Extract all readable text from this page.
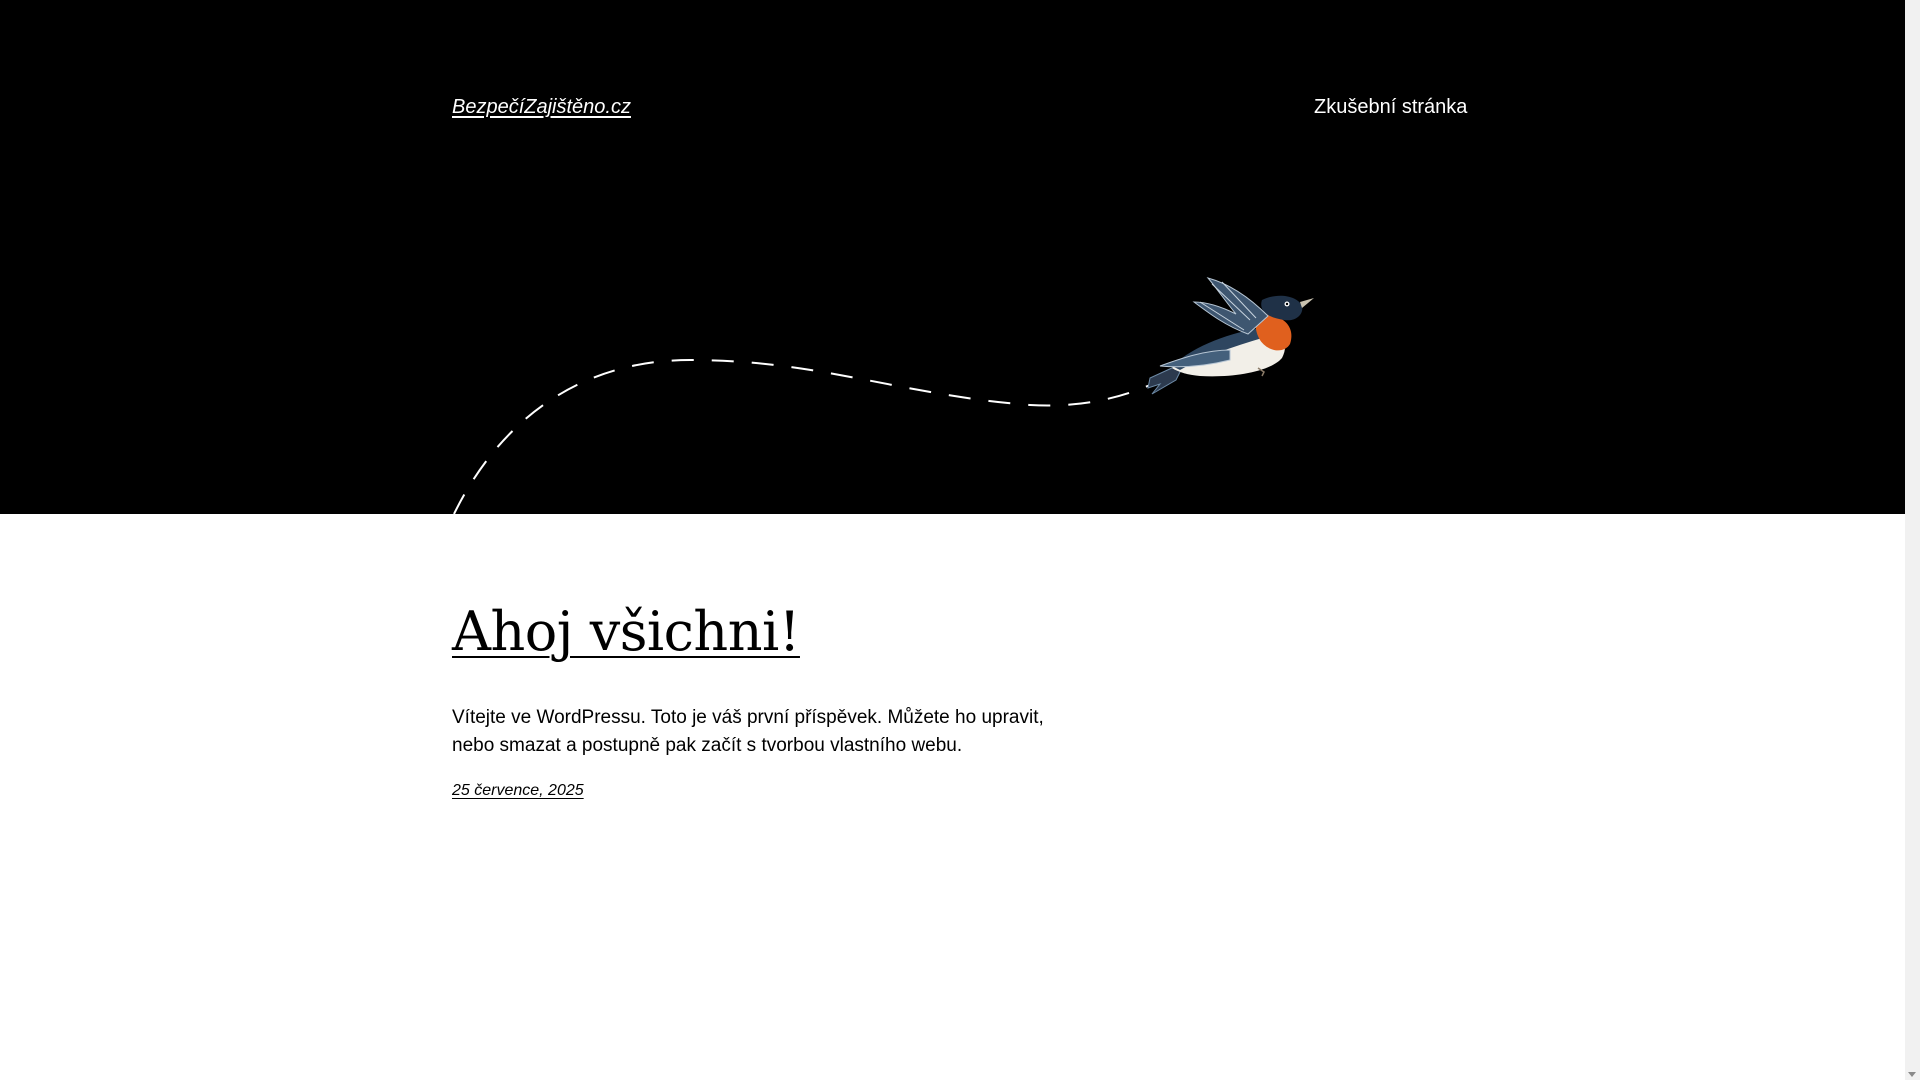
BezpečíZajištěno.cz	Zkušební stránka
Ahoj všichni!

Vítejte ve WordPressu. Toto je váš první příspěvek. Můžete ho upravit, nebo smazat a postupně pak začít s tvorbou vlastního webu.

25 července, 2025
